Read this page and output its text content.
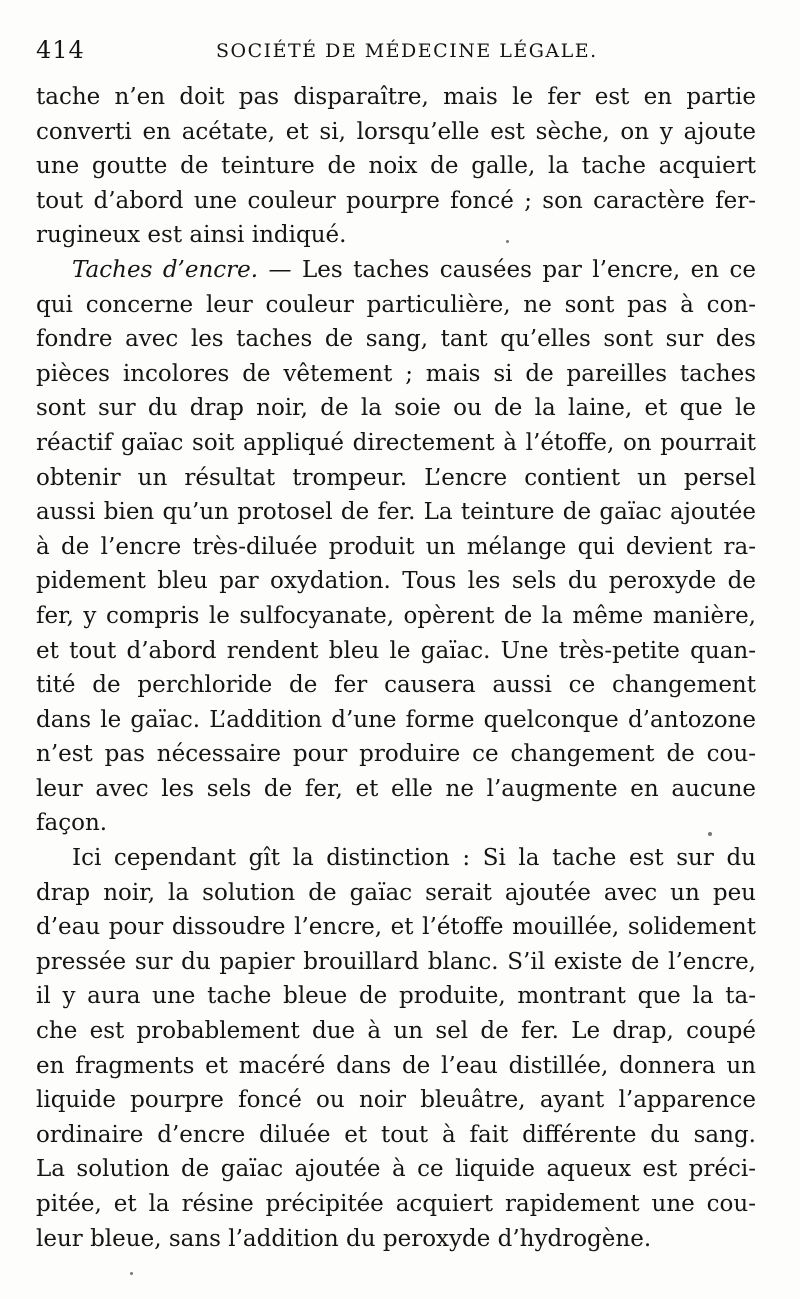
414	SOCIÉTÉ DE MÉDECINE LÉGALE.
tache n’en doit pas disparaître, mais le fer est en partie
converti en acétate, et si, lorsqu’elle est sèche, on y ajoute
une goutte de teinture de noix de galle, la tache acquiert
tout d’abord une couleur pourpre foncé ; son caractère fer-
rugineux est ainsi indiqué.
Taches d’encre. — Les taches causées par l’encre, en ce
qui concerne leur couleur particulière, ne sont pas à con-
fondre avec les taches de sang, tant qu’elles sont sur des
pièces incolores de vêtement ; mais si de pareilles taches
sont sur du drap noir, de la soie ou de la laine, et que le
réactif gaïac soit appliqué directement à l’étoffe, on pourrait
obtenir un résultat trompeur. L’encre contient un persel
aussi bien qu’un protosel de fer. La teinture de gaïac ajoutée
à de l’encre très-diluée produit un mélange qui devient ra-
pidement bleu par oxydation. Tous les sels du peroxyde de
fer, y compris le sulfocyanate, opèrent de la même manière,
et tout d’abord rendent bleu le gaïac. Une très-petite quan-
tité de perchloride de fer causera aussi ce changement
dans le gaïac. L’addition d’une forme quelconque d’antozone
n’est pas nécessaire pour produire ce changement de cou-
leur avec les sels de fer, et elle ne l’augmente en aucune
façon.
Ici cependant gît la distinction : Si la tache est sur du
drap noir, la solution de gaïac serait ajoutée avec un peu
d’eau pour dissoudre l’encre, et l’étoffe mouillée, solidement
pressée sur du papier brouillard blanc. S’il existe de l’encre,
il y aura une tache bleue de produite, montrant que la ta-
che est probablement due à un sel de fer. Le drap, coupé
en fragments et macéré dans de l’eau distillée, donnera un
liquide pourpre foncé ou noir bleuâtre, ayant l’apparence
ordinaire d’encre diluée et tout à fait différente du sang.
La solution de gaïac ajoutée à ce liquide aqueux est préci-
pitée, et la résine précipitée acquiert rapidement une cou-
leur bleue, sans l’addition du peroxyde d’hydrogène.
